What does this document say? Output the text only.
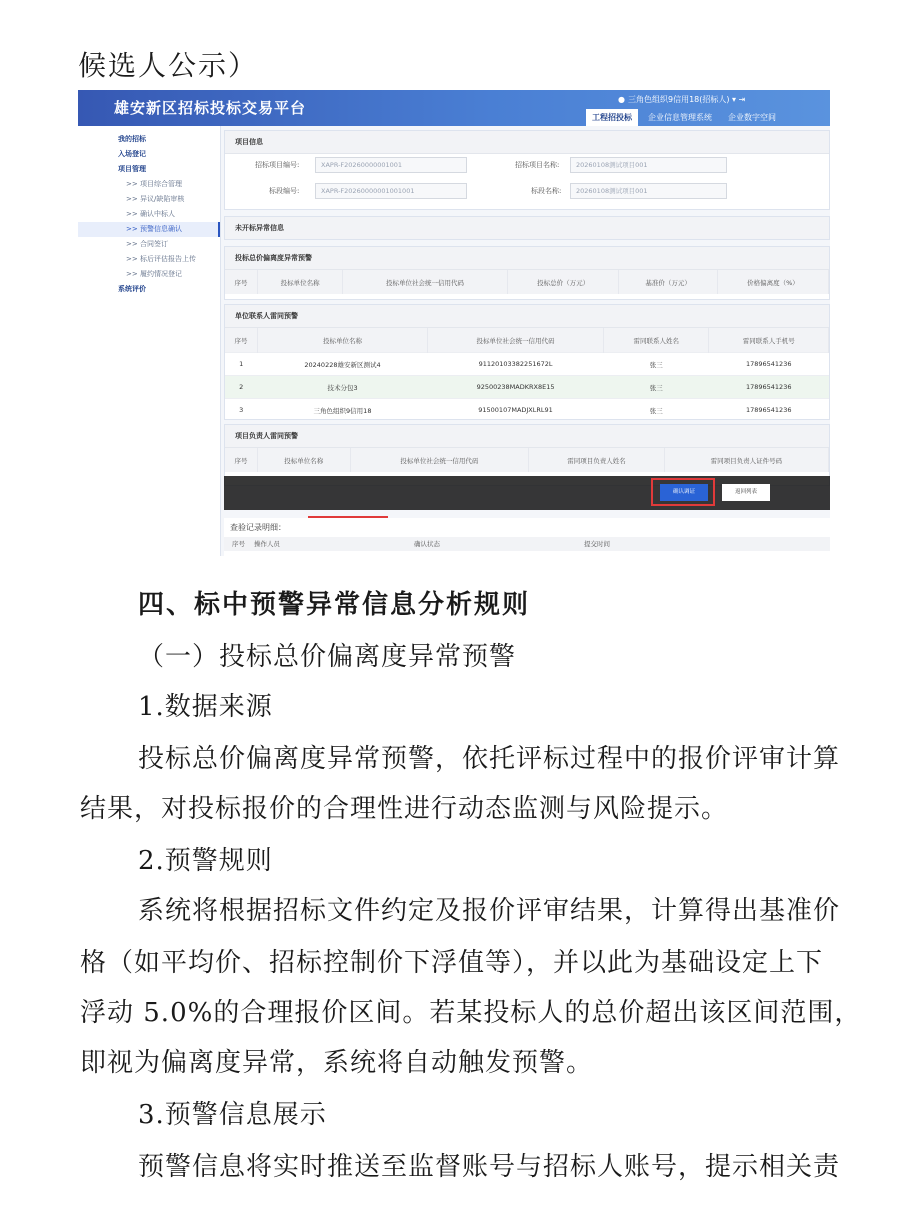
候选人公示）
雄安新区招标投标交易平台	● 三角色组织9信用18(招标人) ▾ ⇥
工程招投标	企业信息管理系统	企业数字空间
我的招标
入场登记
项目管理
>> 项目综合管理
>> 异议/缺陷审核
>> 确认中标人
>> 预警信息确认
>> 合同签订
>> 标后评估报告上传
>> 履约情况登记
系统评价
项目信息
招标项目编号:	XAPR-F20260000001001	招标项目名称:	20260108测试项目001
标段编号:	XAPR-F20260000001001001	标段名称:	20260108测试项目001
未开标异常信息
投标总价偏离度异常预警
序号	投标单位名称	投标单位社会统一信用代码	投标总价（万元）	基准价（万元）	价格偏离度（%）
单位联系人雷同预警
序号	投标单位名称	投标单位社会统一信用代码	雷同联系人姓名	雷同联系人手机号
1	20240228雄安新区测试4	91120103382251672L	张三	17896541236
2	技术分包3	92500238MADKRX8E15	张三	17896541236
3	三角色组织9信用18	91500107MADJXLRL91	张三	17896541236
项目负责人雷同预警
序号	投标单位名称	投标单位社会统一信用代码	雷同项目负责人姓名	雷同项目负责人证件号码
确认调证	返回列表
查验记录明细：
序号	操作人员	确认状态	提交时间
四、标中预警异常信息分析规则
（一）投标总价偏离度异常预警
1.数据来源
投标总价偏离度异常预警，依托评标过程中的报价评审计算
结果，对投标报价的合理性进行动态监测与风险提示。
2.预警规则
系统将根据招标文件约定及报价评审结果，计算得出基准价
格（如平均价、招标控制价下浮值等），并以此为基础设定上下
浮动 5.0%的合理报价区间。若某投标人的总价超出该区间范围，
即视为偏离度异常，系统将自动触发预警。
3.预警信息展示
预警信息将实时推送至监督账号与招标人账号，提示相关责
